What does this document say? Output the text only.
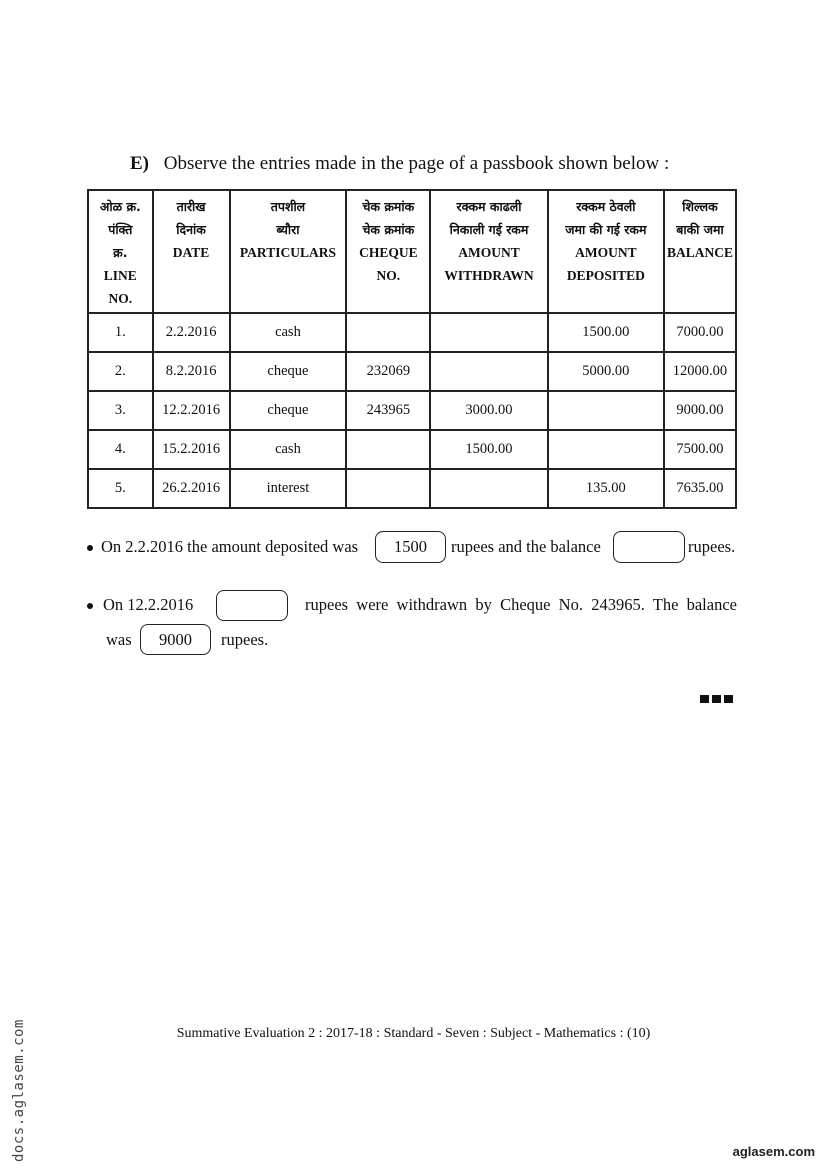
E) Observe the entries made in the page of a passbook shown below :
ओळ क्र.
पंक्ति
क्र.
LINE
NO.	तारीख
दिनांक
DATE	तपशील
ब्यौरा
PARTICULARS	चेक क्रमांक
चेक क्रमांक
CHEQUE
NO.	रक्कम काढली
निकाली गई रकम
AMOUNT
WITHDRAWN	रक्कम ठेवली
जमा की गई रकम
AMOUNT
DEPOSITED	शिल्लक
बाकी जमा
BALANCE

1.	2.2.2016	cash			1500.00	7000.00
2.	8.2.2016	cheque	232069		5000.00	12000.00
3.	12.2.2016	cheque	243965	3000.00		9000.00
4.	15.2.2016	cash		1500.00		7500.00
5.	26.2.2016	interest			135.00	7635.00
On 2.2.2016 the amount deposited was	1500	rupees and the balance	rupees.
On 12.2.2016	rupees were withdrawn by Cheque No. 243965. The balance
was	9000	rupees.
Summative Evaluation 2 : 2017-18 : Standard - Seven : Subject - Mathematics : (10)
docs.aglasem.com	aglasem.com
